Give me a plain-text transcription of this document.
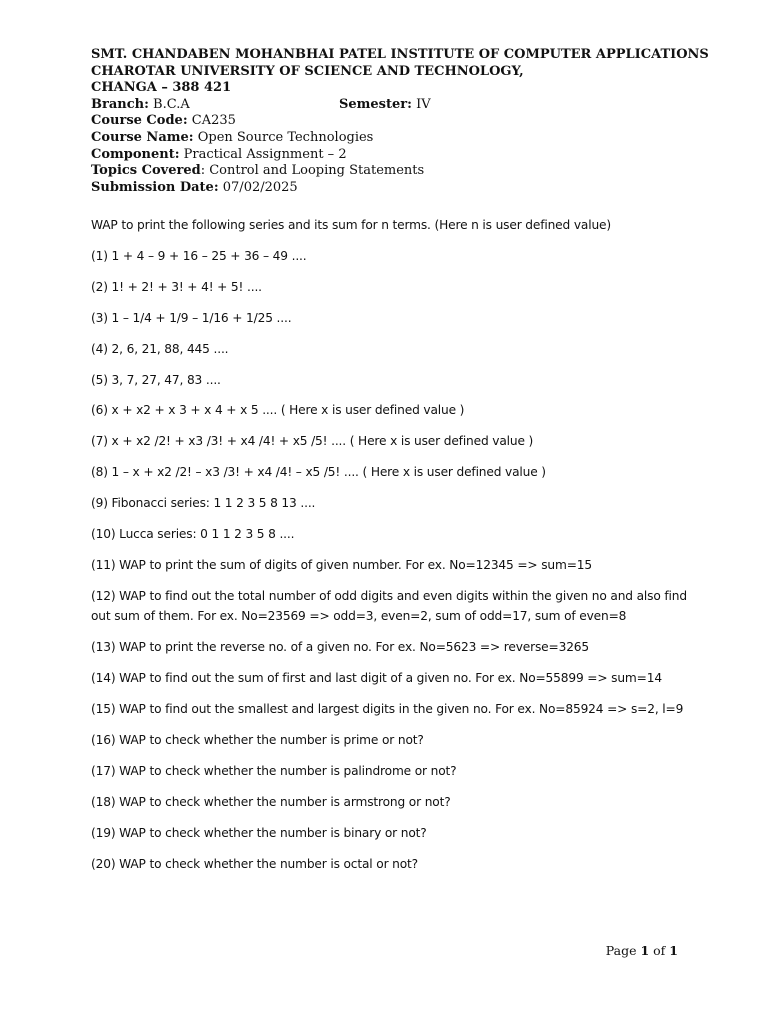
SMT. CHANDABEN MOHANBHAI PATEL INSTITUTE OF COMPUTER APPLICATIONS
CHAROTAR UNIVERSITY OF SCIENCE AND TECHNOLOGY,
CHANGA – 388 421
Branch: B.C.A	Semester: IV
Course Code: CA235
Course Name: Open Source Technologies
Component: Practical Assignment – 2
Topics Covered: Control and Looping Statements
Submission Date: 07/02/2025
WAP to print the following series and its sum for n terms. (Here n is user defined value)
(1) 1 + 4 – 9 + 16 – 25 + 36 – 49 ....
(2) 1! + 2! + 3! + 4! + 5! ....
(3) 1 – 1/4 + 1/9 – 1/16 + 1/25 ....
(4) 2, 6, 21, 88, 445 ....
(5) 3, 7, 27, 47, 83 ....
(6) x + x2 + x 3 + x 4 + x 5 .... ( Here x is user defined value )
(7) x + x2 /2! + x3 /3! + x4 /4! + x5 /5! .... ( Here x is user defined value )
(8) 1 – x + x2 /2! – x3 /3! + x4 /4! – x5 /5! .... ( Here x is user defined value )
(9) Fibonacci series: 1 1 2 3 5 8 13 ....
(10) Lucca series: 0 1 1 2 3 5 8 ....
(11) WAP to print the sum of digits of given number. For ex. No=12345 => sum=15
(12) WAP to find out the total number of odd digits and even digits within the given no and also find out sum of them. For ex. No=23569 => odd=3, even=2, sum of odd=17, sum of even=8
(13) WAP to print the reverse no. of a given no. For ex. No=5623 => reverse=3265
(14) WAP to find out the sum of first and last digit of a given no. For ex. No=55899 => sum=14
(15) WAP to find out the smallest and largest digits in the given no. For ex. No=85924 => s=2, l=9
(16) WAP to check whether the number is prime or not?
(17) WAP to check whether the number is palindrome or not?
(18) WAP to check whether the number is armstrong or not?
(19) WAP to check whether the number is binary or not?
(20) WAP to check whether the number is octal or not?
Page 1 of 1
